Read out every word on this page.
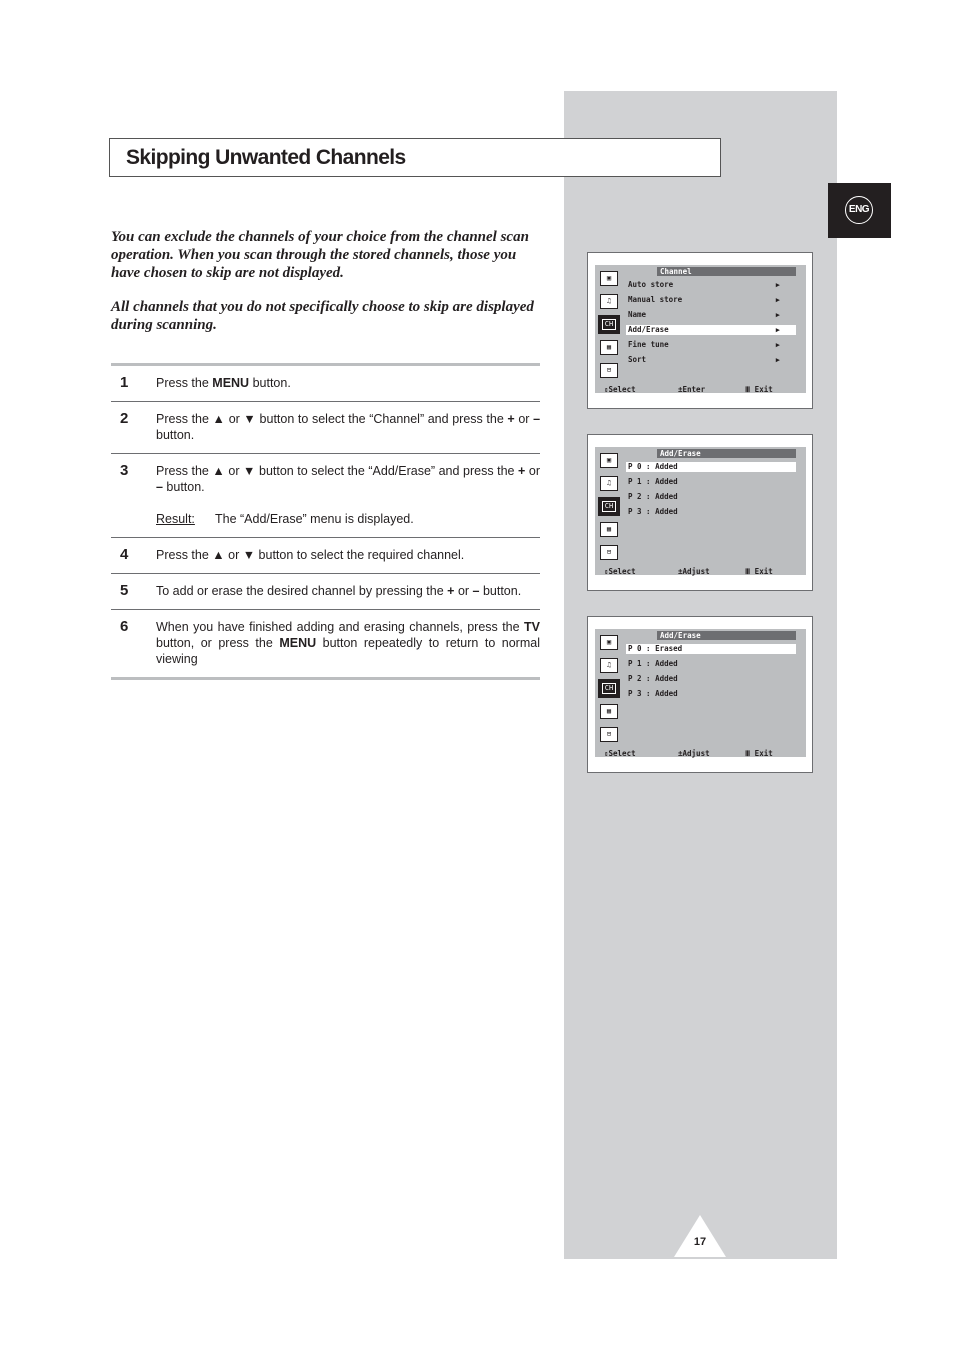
ENG
Skipping Unwanted Channels
You can exclude the channels of your choice from the channel scan operation. When you scan through the stored channels, those you have chosen to skip are not displayed.
All channels that you do not specifically choose to skip are displayed during scanning.
1 Press the MENU button.
2 Press the ▲ or ▼ button to select the “Channel” and press the + or – button.
3 Press the ▲ or ▼ button to select the “Add/Erase” and press the + or – button.
Result: The “Add/Erase” menu is displayed.
4 Press the ▲ or ▼ button to select the required channel.
5 To add or erase the desired channel by pressing the + or – button.
6 When you have finished adding and erasing channels, press the TV button, or press the MENU button repeatedly to return to normal viewing
▣
♫
CH
▦
⊟
Channel
Auto store	▶
Manual store	▶
Name	▶
Add/Erase	▶
Fine tune	▶
Sort	▶
⇕Select	±Enter	Ⅲ Exit
▣
♫
CH
▦
⊟
Add/Erase
P 0 : Added
P 1 : Added
P 2 : Added
P 3 : Added
⇕Select	±Adjust	Ⅲ Exit
▣
♫
CH
▦
⊟
Add/Erase
P 0 : Erased
P 1 : Added
P 2 : Added
P 3 : Added
⇕Select	±Adjust	Ⅲ Exit
17
